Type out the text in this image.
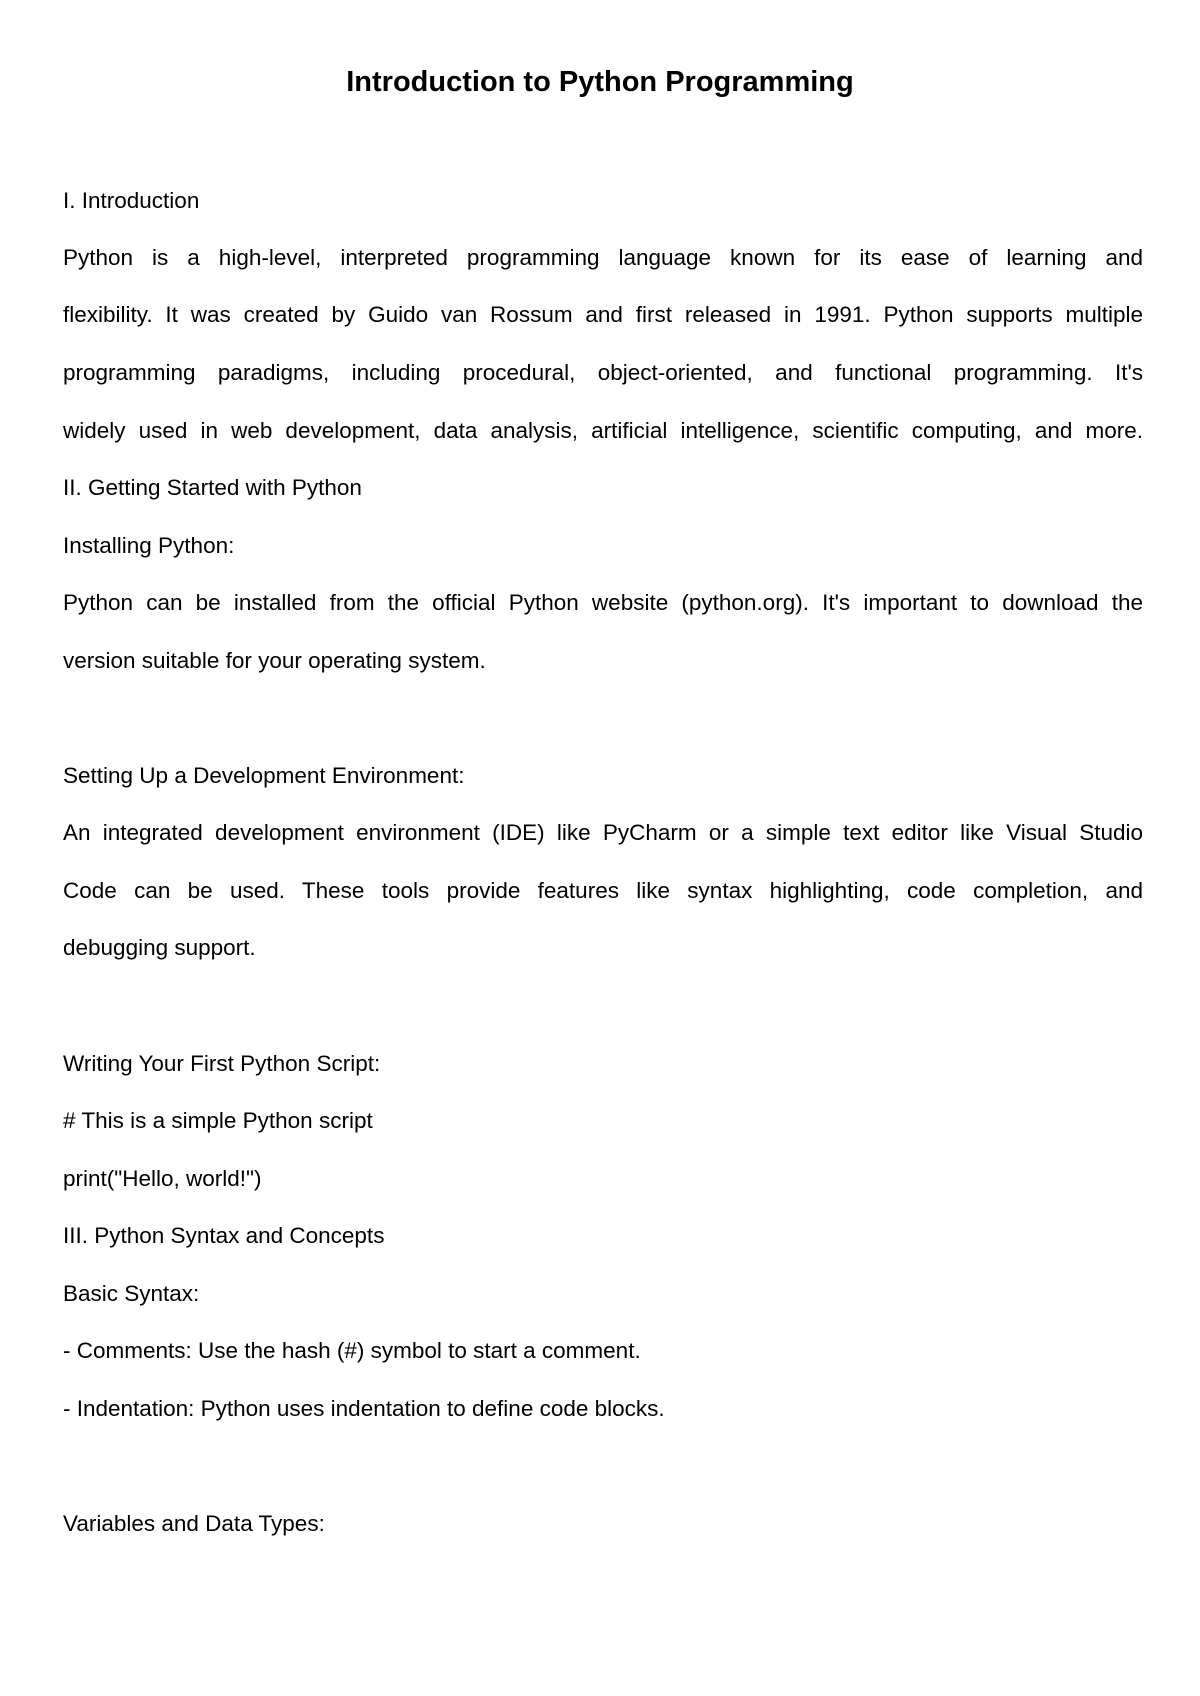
Introduction to Python Programming

I. Introduction

Python is a high-level, interpreted programming language known for its ease of learning and

flexibility. It was created by Guido van Rossum and first released in 1991. Python supports multiple

programming paradigms, including procedural, object-oriented, and functional programming. It's

widely used in web development, data analysis, artificial intelligence, scientific computing, and more.

II. Getting Started with Python

Installing Python:

Python can be installed from the official Python website (python.org). It's important to download the

version suitable for your operating system.

Setting Up a Development Environment:

An integrated development environment (IDE) like PyCharm or a simple text editor like Visual Studio

Code can be used. These tools provide features like syntax highlighting, code completion, and

debugging support.

Writing Your First Python Script:

# This is a simple Python script

print("Hello, world!")

III. Python Syntax and Concepts

Basic Syntax:

- Comments: Use the hash (#) symbol to start a comment.

- Indentation: Python uses indentation to define code blocks.

Variables and Data Types:
